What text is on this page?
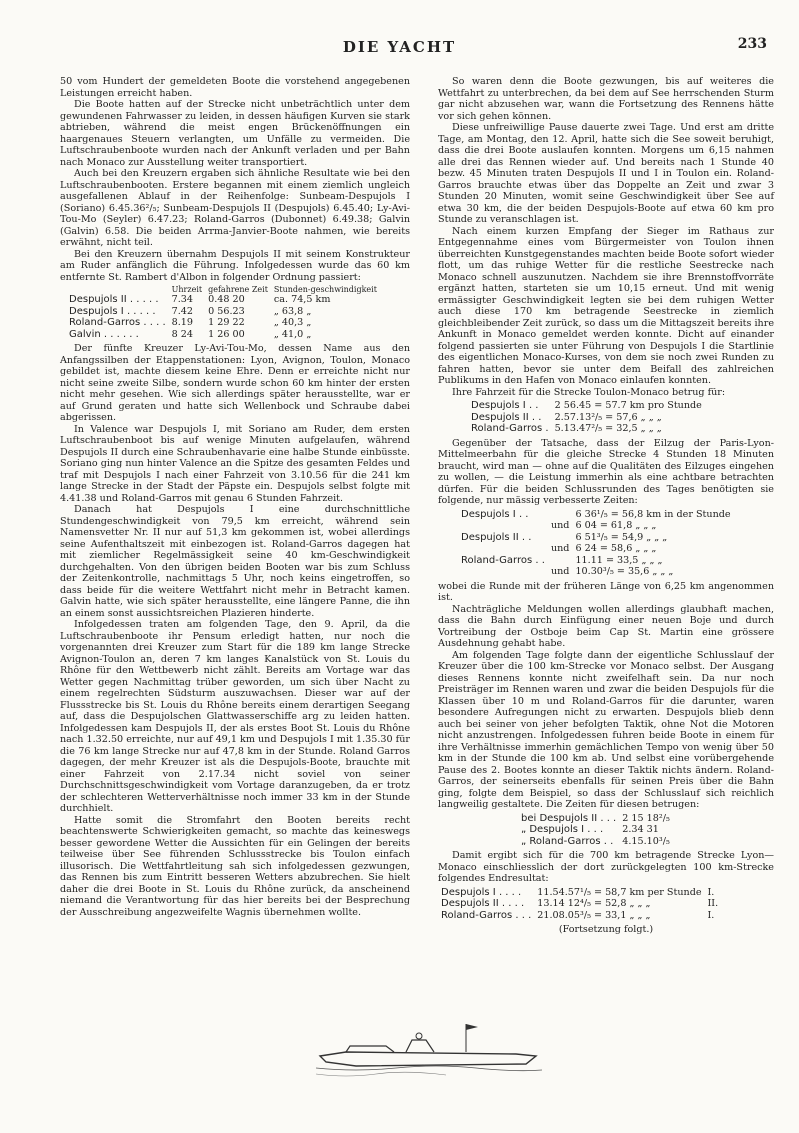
DIE YACHT	233

50 vom Hundert der gemeldeten Boote die vorstehend angegebenen Leistungen erreicht haben.

Die Boote hatten auf der Strecke nicht unbeträchtlich unter dem gewundenen Fahrwasser zu leiden, in dessen häufigen Kurven sie stark abtrieben, während die meist engen Brückenöffnungen ein haargenaues Steuern verlangten, um Unfälle zu vermeiden. Die Luftschraubenboote wurden nach der Ankunft verladen und per Bahn nach Monaco zur Ausstellung weiter transportiert.

Auch bei den Kreuzern ergaben sich ähnliche Resultate wie bei den Luftschraubenbooten. Erstere begannen mit einem ziemlich ungleich ausgefallenen Ablauf in der Reihenfolge: Sunbeam-Despujols I (Soriano) 6.45.36²/₅; Sunbeam-Despujols II (Despujols) 6.45.40; Ly-Avi-Tou-Mo (Seyler) 6.47.23; Roland-Garros (Dubonnet) 6.49.38; Galvin (Galvin) 6.58. Die beiden Arrma-Janvier-Boote nahmen, wie bereits erwähnt, nicht teil.

Bei den Kreuzern übernahm Despujols II mit seinem Konstrukteur am Ruder anfänglich die Führung. Infolgedessen wurde das 60 km entfernte St. Rambert d'Albon in folgender Ordnung passiert:

	Uhrzeit	gefahrene Zeit	Stunden-geschwindigkeit
Despujols II . . . . .	7.34	0.48 20	ca. 74,5 km
Despujols I . . . . .	7.42	0 56.23	„ 63,8 „
Roland-Garros . . . .	8.19	1 29 22	„ 40,3 „
Galvin . . . . . .	8 24	1 26 00	„ 41,0 „

Der fünfte Kreuzer Ly-Avi-Tou-Mo, dessen Name aus den Anfangssilben der Etappenstationen: Lyon, Avignon, Toulon, Monaco gebildet ist, machte diesem keine Ehre. Denn er erreichte nicht nur nicht seine zweite Silbe, sondern wurde schon 60 km hinter der ersten nicht mehr gesehen. Wie sich allerdings später herausstellte, war er auf Grund geraten und hatte sich Wellenbock und Schraube dabei abgerissen.

In Valence war Despujols I, mit Soriano am Ruder, dem ersten Luftschraubenboot bis auf wenige Minuten aufgelaufen, während Despujols II durch eine Schraubenhavarie eine halbe Stunde einbüsste. Soriano ging nun hinter Valence an die Spitze des gesamten Feldes und traf mit Despujols I nach einer Fahrzeit von 3.10.56 für die 241 km lange Strecke in der Stadt der Päpste ein. Despujols selbst folgte mit 4.41.38 und Roland-Garros mit genau 6 Stunden Fahrzeit.

Danach hat Despujols I eine durchschnittliche Stundengeschwindigkeit von 79,5 km erreicht, während sein Namensvetter Nr. II nur auf 51,3 km gekommen ist, wobei allerdings seine Aufenthaltszeit mit einbezogen ist. Roland-Garros dagegen hat mit ziemlicher Regelmässigkeit seine 40 km-Geschwindigkeit durchgehalten. Von den übrigen beiden Booten war bis zum Schluss der Zeitenkontrolle, nachmittags 5 Uhr, noch keins eingetroffen, so dass beide für die weitere Wettfahrt nicht mehr in Betracht kamen. Galvin hatte, wie sich später herausstellte, eine längere Panne, die ihn an einem sonst aussichtsreichen Plazieren hinderte.

Infolgedessen traten am folgenden Tage, den 9. April, da die Luftschraubenboote ihr Pensum erledigt hatten, nur noch die vorgenannten drei Kreuzer zum Start für die 189 km lange Strecke Avignon-Toulon an, deren 7 km langes Kanalstück von St. Louis du Rhône für den Wettbewerb nicht zählt. Bereits am Vortage war das Wetter gegen Nachmittag trüber geworden, um sich über Nacht zu einem regelrechten Südsturm auszuwachsen. Dieser war auf der Flussstrecke bis St. Louis du Rhône bereits einem derartigen Seegang auf, dass die Despujolschen Glattwasserschiffe arg zu leiden hatten. Infolgedessen kam Despujols II, der als erstes Boot St. Louis du Rhône nach 1.32.50 erreichte, nur auf 49,1 km und Despujols I mit 1.35.30 für die 76 km lange Strecke nur auf 47,8 km in der Stunde. Roland Garros dagegen, der mehr Kreuzer ist als die Despujols-Boote, brauchte mit einer Fahrzeit von 2.17.34 nicht soviel von seiner Durchschnittsgeschwindigkeit vom Vortage daranzugeben, da er trotz der schlechteren Wetterverhältnisse noch immer 33 km in der Stunde durchhielt.

Hatte somit die Stromfahrt den Booten bereits recht beachtenswerte Schwierigkeiten gemacht, so machte das keineswegs besser gewordene Wetter die Aussichten für ein Gelingen der bereits teilweise über See führenden Schlussstrecke bis Toulon einfach illusorisch. Die Wettfahrtleitung sah sich infolgedessen gezwungen, das Rennen bis zum Eintritt besseren Wetters abzubrechen. Sie hielt daher die drei Boote in St. Louis du Rhône zurück, da anscheinend niemand die Verantwortung für das hier bereits bei der Besprechung der Ausschreibung angezweifelte Wagnis übernehmen wollte.

So waren denn die Boote gezwungen, bis auf weiteres die Wettfahrt zu unterbrechen, da bei dem auf See herrschenden Sturm gar nicht abzusehen war, wann die Fortsetzung des Rennens hätte vor sich gehen können.

Diese unfreiwillige Pause dauerte zwei Tage. Und erst am dritte Tage, am Montag, den 12. April, hatte sich die See soweit beruhigt, dass die drei Boote auslaufen konnten. Morgens um 6,15 nahmen alle drei das Rennen wieder auf. Und bereits nach 1 Stunde 40 bezw. 45 Minuten traten Despujols II und I in Toulon ein. Roland-Garros brauchte etwas über das Doppelte an Zeit und zwar 3 Stunden 20 Minuten, womit seine Geschwindigkeit über See auf etwa 30 km, die der beiden Despujols-Boote auf etwa 60 km pro Stunde zu veranschlagen ist.

Nach einem kurzen Empfang der Sieger im Rathaus zur Entgegennahme eines vom Bürgermeister von Toulon ihnen überreichten Kunstgegenstandes machten beide Boote sofort wieder flott, um das ruhige Wetter für die restliche Seestrecke nach Monaco schnell auszunutzen. Nachdem sie ihre Brennstoffvorräte ergänzt hatten, starteten sie um 10,15 erneut. Und mit wenig ermässigter Geschwindigkeit legten sie bei dem ruhigen Wetter auch diese 170 km betragende Seestrecke in ziemlich gleichbleibender Zeit zurück, so dass um die Mittagszeit bereits ihre Ankunft in Monaco gemeldet werden konnte. Dicht auf einander folgend passierten sie unter Führung von Despujols I die Startlinie des eigentlichen Monaco-Kurses, von dem sie noch zwei Runden zu fahren hatten, bevor sie unter dem Beifall des zahlreichen Publikums in den Hafen von Monaco einlaufen konnten.

Ihre Fahrzeit für die Strecke Toulon-Monaco betrug für:

Despujols I . .	2 56.45 = 57.7 km pro Stunde
Despujols II . .	2.57.13²/₅ = 57,6 „ „ „
Roland-Garros .	5.13.47²/₅ = 32,5 „ „ „

Gegenüber der Tatsache, dass der Eilzug der Paris-Lyon-Mittelmeerbahn für die gleiche Strecke 4 Stunden 18 Minuten braucht, wird man — ohne auf die Qualitäten des Eilzuges eingehen zu wollen, — die Leistung immerhin als eine achtbare betrachten dürfen. Für die beiden Schlussrunden des Tages benötigten sie folgende, nur mässig verbesserte Zeiten:

Despujols I . .		6 36¹/₅ = 56,8 km in der Stunde
	und	6 04 = 61,8 „ „ „
Despujols II . .		6 51³/₅ = 54,9 „ „ „
	und	6 24 = 58,6 „ „ „
Roland-Garros . .		11.11 = 33,5 „ „ „
	und	10.30³/₅ = 35,6 „ „ „

wobei die Runde mit der früheren Länge von 6,25 km angenommen ist.

Nachträgliche Meldungen wollen allerdings glaubhaft machen, dass die Bahn durch Einfügung einer neuen Boje und durch Vortreibung der Ostboje beim Cap St. Martin eine grössere Ausdehnung gehabt habe.

Am folgenden Tage folgte dann der eigentliche Schlusslauf der Kreuzer über die 100 km-Strecke vor Monaco selbst. Der Ausgang dieses Rennens konnte nicht zweifelhaft sein. Da nur noch Preisträger im Rennen waren und zwar die beiden Despujols für die Klassen über 10 m und Roland-Garros für die darunter, waren besondere Aufregungen nicht zu erwarten. Despujols blieb denn auch bei seiner von jeher befolgten Taktik, ohne Not die Motoren nicht anzustrengen. Infolgedessen fuhren beide Boote in einem für ihre Verhältnisse immerhin gemächlichen Tempo von wenig über 50 km in der Stunde die 100 km ab. Und selbst eine vorübergehende Pause des 2. Bootes konnte an dieser Taktik nichts ändern. Roland-Garros, der seinerseits ebenfalls für seinen Preis über die Bahn ging, folgte dem Beispiel, so dass der Schlusslauf sich reichlich langweilig gestaltete. Die Zeiten für diesen betrugen:

bei Despujols II . . .	2 15 18²/₅
„ Despujols I . . .	2.34 31
„ Roland-Garros . .	4.15.10³/₅

Damit ergibt sich für die 700 km betragende Strecke Lyon—Monaco einschliesslich der dort zurückgelegten 100 km-Strecke folgendes Endresultat:

Despujols I . . . .	11.54.57¹/₅ = 58,7 km per Stunde	I.
Despujols II . . . .	13.14 12⁴/₅ = 52,8 „ „ „	II.
Roland-Garros . . .	21.08.05³/₅ = 33,1 „ „ „	I.

(Fortsetzung folgt.)
